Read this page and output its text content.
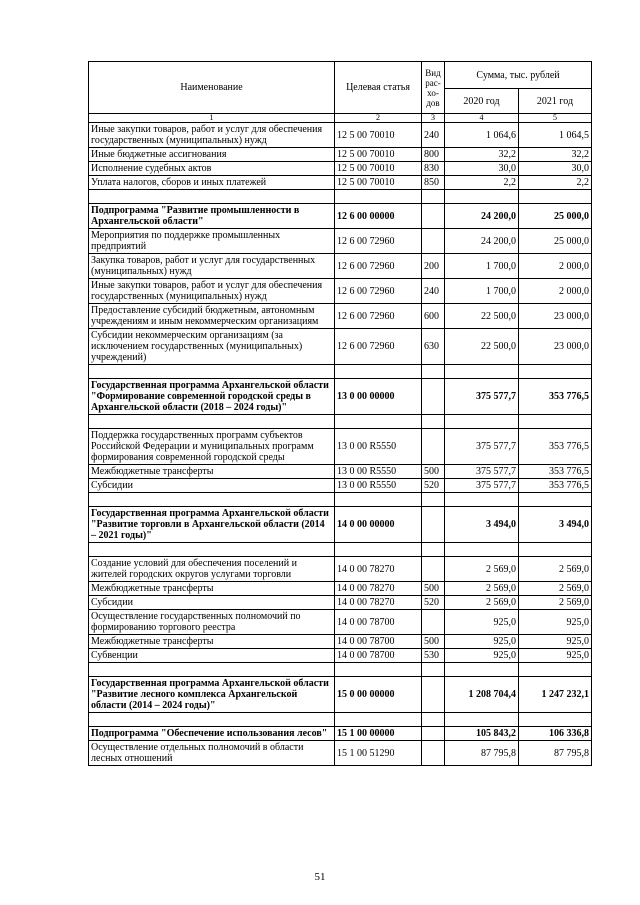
Наименование	Целевая статья	Вид рас-хо-дов	Сумма, тыс. рублей	
			2020 год	2021 год
1	2	3	4	5
Иные закупки товаров, работ и услуг для обеспечения государственных (муниципальных) нужд	12 5 00 70010	240	1 064,6	1 064,5
Иные бюджетные ассигнования	12 5 00 70010	800	32,2	32,2
Исполнение судебных актов	12 5 00 70010	830	30,0	30,0
Уплата налогов, сборов и иных платежей	12 5 00 70010	850	2,2	2,2

Подпрограмма "Развитие промышленности в Архангельской области"	12 6 00 00000		24 200,0	25 000,0
Мероприятия по поддержке промышленных предприятий	12 6 00 72960		24 200,0	25 000,0
Закупка товаров, работ и услуг для государственных (муниципальных) нужд	12 6 00 72960	200	1 700,0	2 000,0
Иные закупки товаров, работ и услуг для обеспечения государственных (муниципальных) нужд	12 6 00 72960	240	1 700,0	2 000,0
Предоставление субсидий бюджетным, автономным учреждениям и иным некоммерческим организациям	12 6 00 72960	600	22 500,0	23 000,0
Субсидии некоммерческим организациям (за исключением государственных (муниципальных) учреждений)	12 6 00 72960	630	22 500,0	23 000,0

Государственная программа Архангельской области "Формирование современной городской среды в Архангельской области (2018 – 2024 годы)"	13 0 00 00000		375 577,7	353 776,5

Поддержка государственных программ субъектов Российской Федерации и муниципальных программ формирования современной городской среды	13 0 00 R5550		375 577,7	353 776,5
Межбюджетные трансферты	13 0 00 R5550	500	375 577,7	353 776,5
Субсидии	13 0 00 R5550	520	375 577,7	353 776,5

Государственная программа Архангельской области "Развитие торговли в Архангельской области (2014 – 2021 годы)"	14 0 00 00000		3 494,0	3 494,0

Создание условий для обеспечения поселений и жителей городских округов услугами торговли	14 0 00 78270		2 569,0	2 569,0
Межбюджетные трансферты	14 0 00 78270	500	2 569,0	2 569,0
Субсидии	14 0 00 78270	520	2 569,0	2 569,0
Осуществление государственных полномочий по формированию торгового реестра	14 0 00 78700		925,0	925,0
Межбюджетные трансферты	14 0 00 78700	500	925,0	925,0
Субвенции	14 0 00 78700	530	925,0	925,0

Государственная программа Архангельской области "Развитие лесного комплекса Архангельской области (2014 – 2024 годы)"	15 0 00 00000		1 208 704,4	1 247 232,1

Подпрограмма "Обеспечение использования лесов"	15 1 00 00000		105 843,2	106 336,8
Осуществление отдельных полномочий в области лесных отношений	15 1 00 51290		87 795,8	87 795,8
51
